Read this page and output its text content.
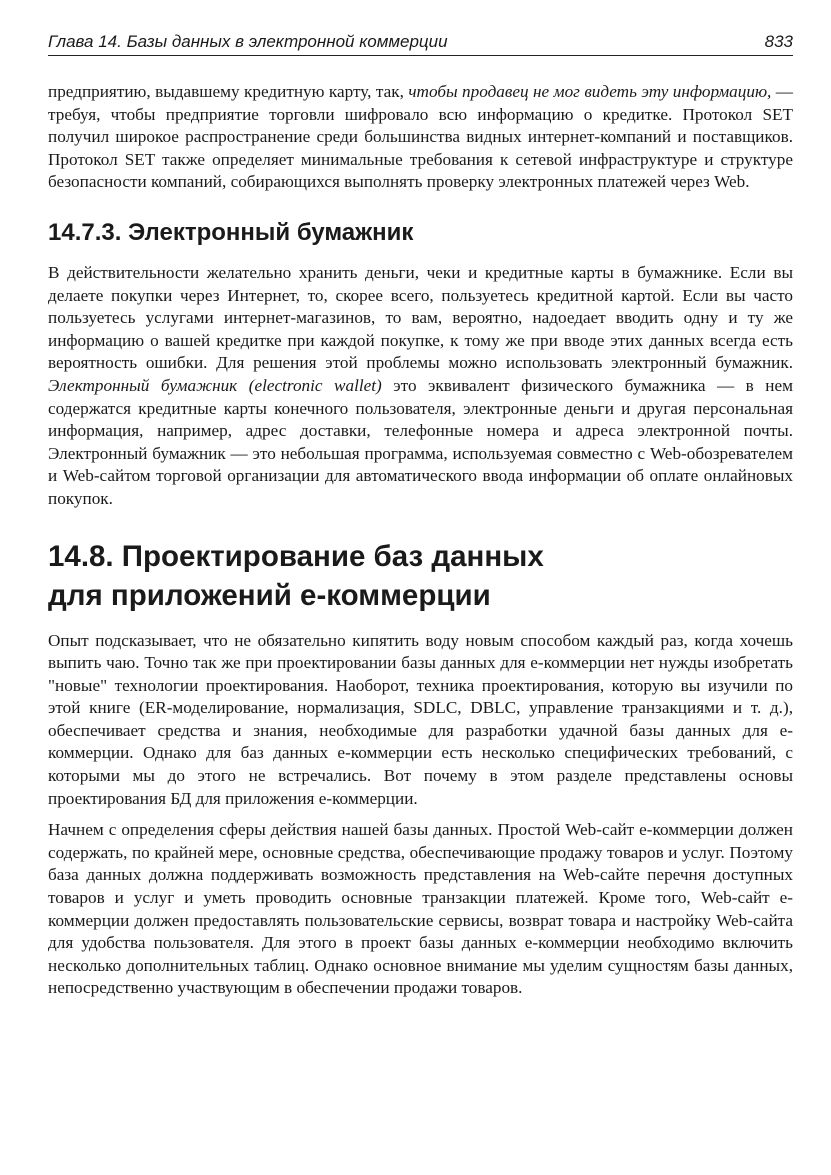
Глава 14. Базы данных в электронной коммерции	833

предприятию, выдавшему кредитную карту, так, чтобы продавец не мог видеть эту информацию, — требуя, чтобы предприятие торговли шифровало всю информацию о кредитке. Протокол SET получил широкое распространение среди большинства видных интернет-компаний и поставщиков. Протокол SET также определяет минимальные требования к сетевой инфраструктуре и структуре безопасности компаний, собирающихся выполнять проверку электронных платежей через Web.

14.7.3. Электронный бумажник

В действительности желательно хранить деньги, чеки и кредитные карты в бумажнике. Если вы делаете покупки через Интернет, то, скорее всего, пользуетесь кредитной картой. Если вы часто пользуетесь услугами интернет-магазинов, то вам, вероятно, надоедает вводить одну и ту же информацию о вашей кредитке при каждой покупке, к тому же при вводе этих данных всегда есть вероятность ошибки. Для решения этой проблемы можно использовать электронный бумажник. Электронный бумажник (electronic wallet) это эквивалент физического бумажника — в нем содержатся кредитные карты конечного пользователя, электронные деньги и другая персональная информация, например, адрес доставки, телефонные номера и адреса электронной почты. Электронный бумажник — это небольшая программа, используемая совместно с Web-обозревателем и Web-сайтом торговой организации для автоматического ввода информации об оплате онлайновых покупок.

14.8. Проектирование баз данных
для приложений е-коммерции

Опыт подсказывает, что не обязательно кипятить воду новым способом каждый раз, когда хочешь выпить чаю. Точно так же при проектировании базы данных для е-коммерции нет нужды изобретать "новые" технологии проектирования. Наоборот, техника проектирования, которую вы изучили по этой книге (ER-моделирование, нормализация, SDLC, DBLC, управление транзакциями и т. д.), обеспечивает средства и знания, необходимые для разработки удачной базы данных для е-коммерции. Однако для баз данных е-коммерции есть несколько специфических требований, с которыми мы до этого не встречались. Вот почему в этом разделе представлены основы проектирования БД для приложения е-коммерции.

Начнем с определения сферы действия нашей базы данных. Простой Web-сайт е-коммерции должен содержать, по крайней мере, основные средства, обеспечивающие продажу товаров и услуг. Поэтому база данных должна поддерживать возможность представления на Web-сайте перечня доступных товаров и услуг и уметь проводить основные транзакции платежей. Кроме того, Web-сайт е-коммерции должен предоставлять пользовательские сервисы, возврат товара и настройку Web-сайта для удобства пользователя. Для этого в проект базы данных е-коммерции необходимо включить несколько дополнительных таблиц. Однако основное внимание мы уделим сущностям базы данных, непосредственно участвующим в обеспечении продажи товаров.
